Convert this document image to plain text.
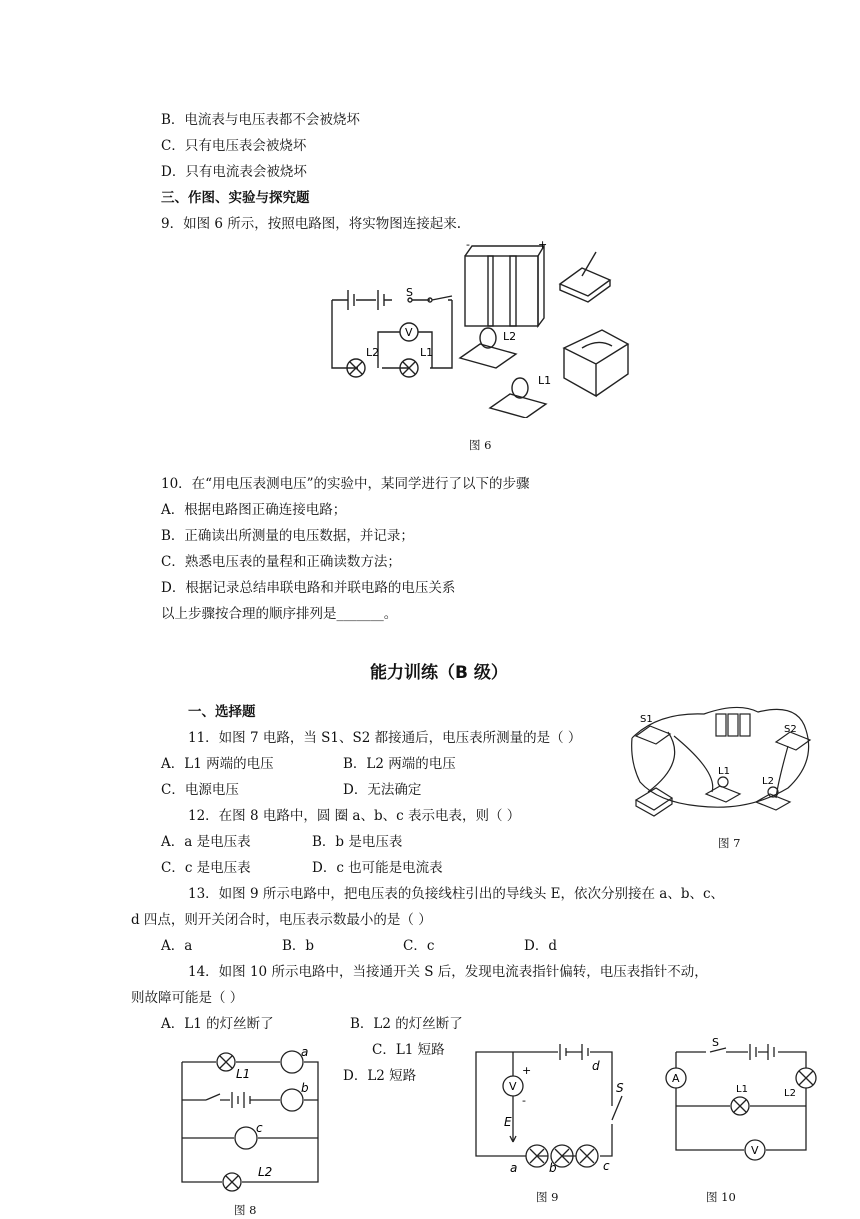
B．电流表与电压表都不会被烧坏
C．只有电压表会被烧坏
D．只有电流表会被烧坏
三、作图、实验与探究题
9．如图 6 所示，按照电路图，将实物图连接起来.
S
V
L2	L1
-	+
L2
L1
图 6
10．在“用电压表测电压”的实验中，某同学进行了以下的步骤
A．根据电路图正确连接电路；
B．正确读出所测量的电压数据，并记录；
C．熟悉电压表的量程和正确读数方法；
D．根据记录总结串联电路和并联电路的电压关系
以上步骤按合理的顺序排列是_______。
能力训练（B 级）
一、选择题
11．如图 7 电路，当 S1、S2 都接通后，电压表所测量的是（ ）
A．L1 两端的电压	B．L2 两端的电压
C．电源电压	D．无法确定
12．在图 8 电路中，圆 圈 a、b、c 表示电表，则（ ）
A．a 是电压表	B．b 是电压表
C．c 是电压表	D．c 也可能是电流表
S1
S2
L1
L2
图 7
13．如图 9 所示电路中，把电压表的负接线柱引出的导线头 E，依次分别接在 a、b、c、
d 四点，则开关闭合时，电压表示数最小的是（ ）
A．a	B．b	C．c	D．d
14．如图 10 所示电路中，当接通开关 S 后，发现电流表指针偏转，电压表指针不动，
则故障可能是（ ）
A．L1 的灯丝断了	B．L2 的灯丝断了
C．L1 短路
D．L2 短路
a
b
c
L1
L2
图 8
V
E
+
-
d
S
a	b	c
图 9
A
V
S
L1	L2
图 10
